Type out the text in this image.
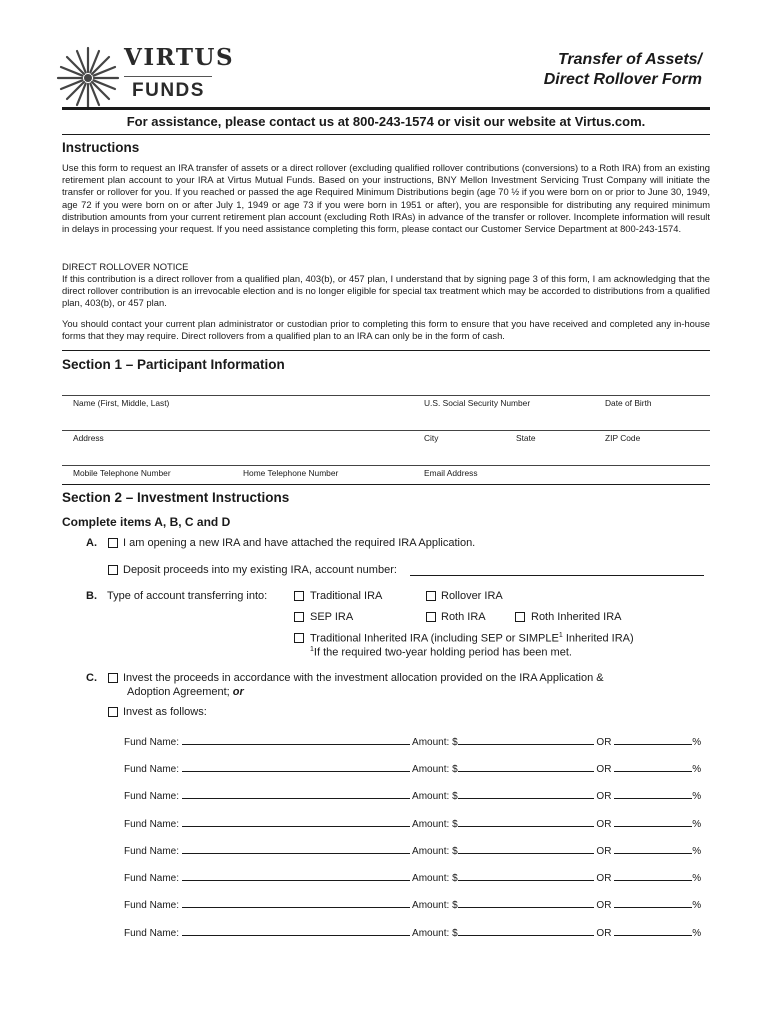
VIRTUS
FUNDS
Transfer of Assets/
Direct Rollover Form
For assistance, please contact us at 800-243-1574 or visit our website at Virtus.com.
Instructions
Use this form to request an IRA transfer of assets or a direct rollover (excluding qualified rollover contributions (conversions) to a Roth IRA) from an existing retirement plan account to your IRA at Virtus Mutual Funds. Based on your instructions, BNY Mellon Investment Servicing Trust Company will initiate the transfer or rollover for you. If you reached or passed the age Required Minimum Distributions begin (age 70 ½ if you were born on or prior to June 30, 1949, age 72 if you were born on or after July 1, 1949 or age 73 if you were born in 1951 or after), you are responsible for distributing any required minimum distribution amounts from your current retirement plan account (excluding Roth IRAs) in advance of the transfer or rollover. Incomplete information will result in delays in processing your request. If you need assistance completing this form, please contact our Customer Service Department at 800-243-1574.
DIRECT ROLLOVER NOTICE
If this contribution is a direct rollover from a qualified plan, 403(b), or 457 plan, I understand that by signing page 3 of this form, I am acknowledging that the direct rollover contribution is an irrevocable election and is no longer eligible for special tax treatment which may be accorded to distributions from a qualified plan, 403(b), or 457 plan.
You should contact your current plan administrator or custodian prior to completing this form to ensure that you have received and completed any in-house forms that they may require. Direct rollovers from a qualified plan to an IRA can only be in the form of cash.
Section 1 – Participant Information
Name (First, Middle, Last)	U.S. Social Security Number	Date of Birth
Address	City	State	ZIP Code
Mobile Telephone Number	Home Telephone Number	Email Address
Section 2 – Investment Instructions
Complete items A, B, C and D
A. I am opening a new IRA and have attached the required IRA Application.
Deposit proceeds into my existing IRA, account number:
B. Type of account transferring into:	Traditional IRA	Rollover IRA
SEP IRA	Roth IRA	Roth Inherited IRA
Traditional Inherited IRA (including SEP or SIMPLE$^1$ Inherited IRA)
$^1$If the required two-year holding period has been met.
C. Invest the proceeds in accordance with the investment allocation provided on the IRA Application &
Adoption Agreement; or
Invest as follows:
Fund Name:	Amount: $	OR	%
Fund Name:	Amount: $	OR	%
Fund Name:	Amount: $	OR	%
Fund Name:	Amount: $	OR	%
Fund Name:	Amount: $	OR	%
Fund Name:	Amount: $	OR	%
Fund Name:	Amount: $	OR	%
Fund Name:	Amount: $	OR	%
